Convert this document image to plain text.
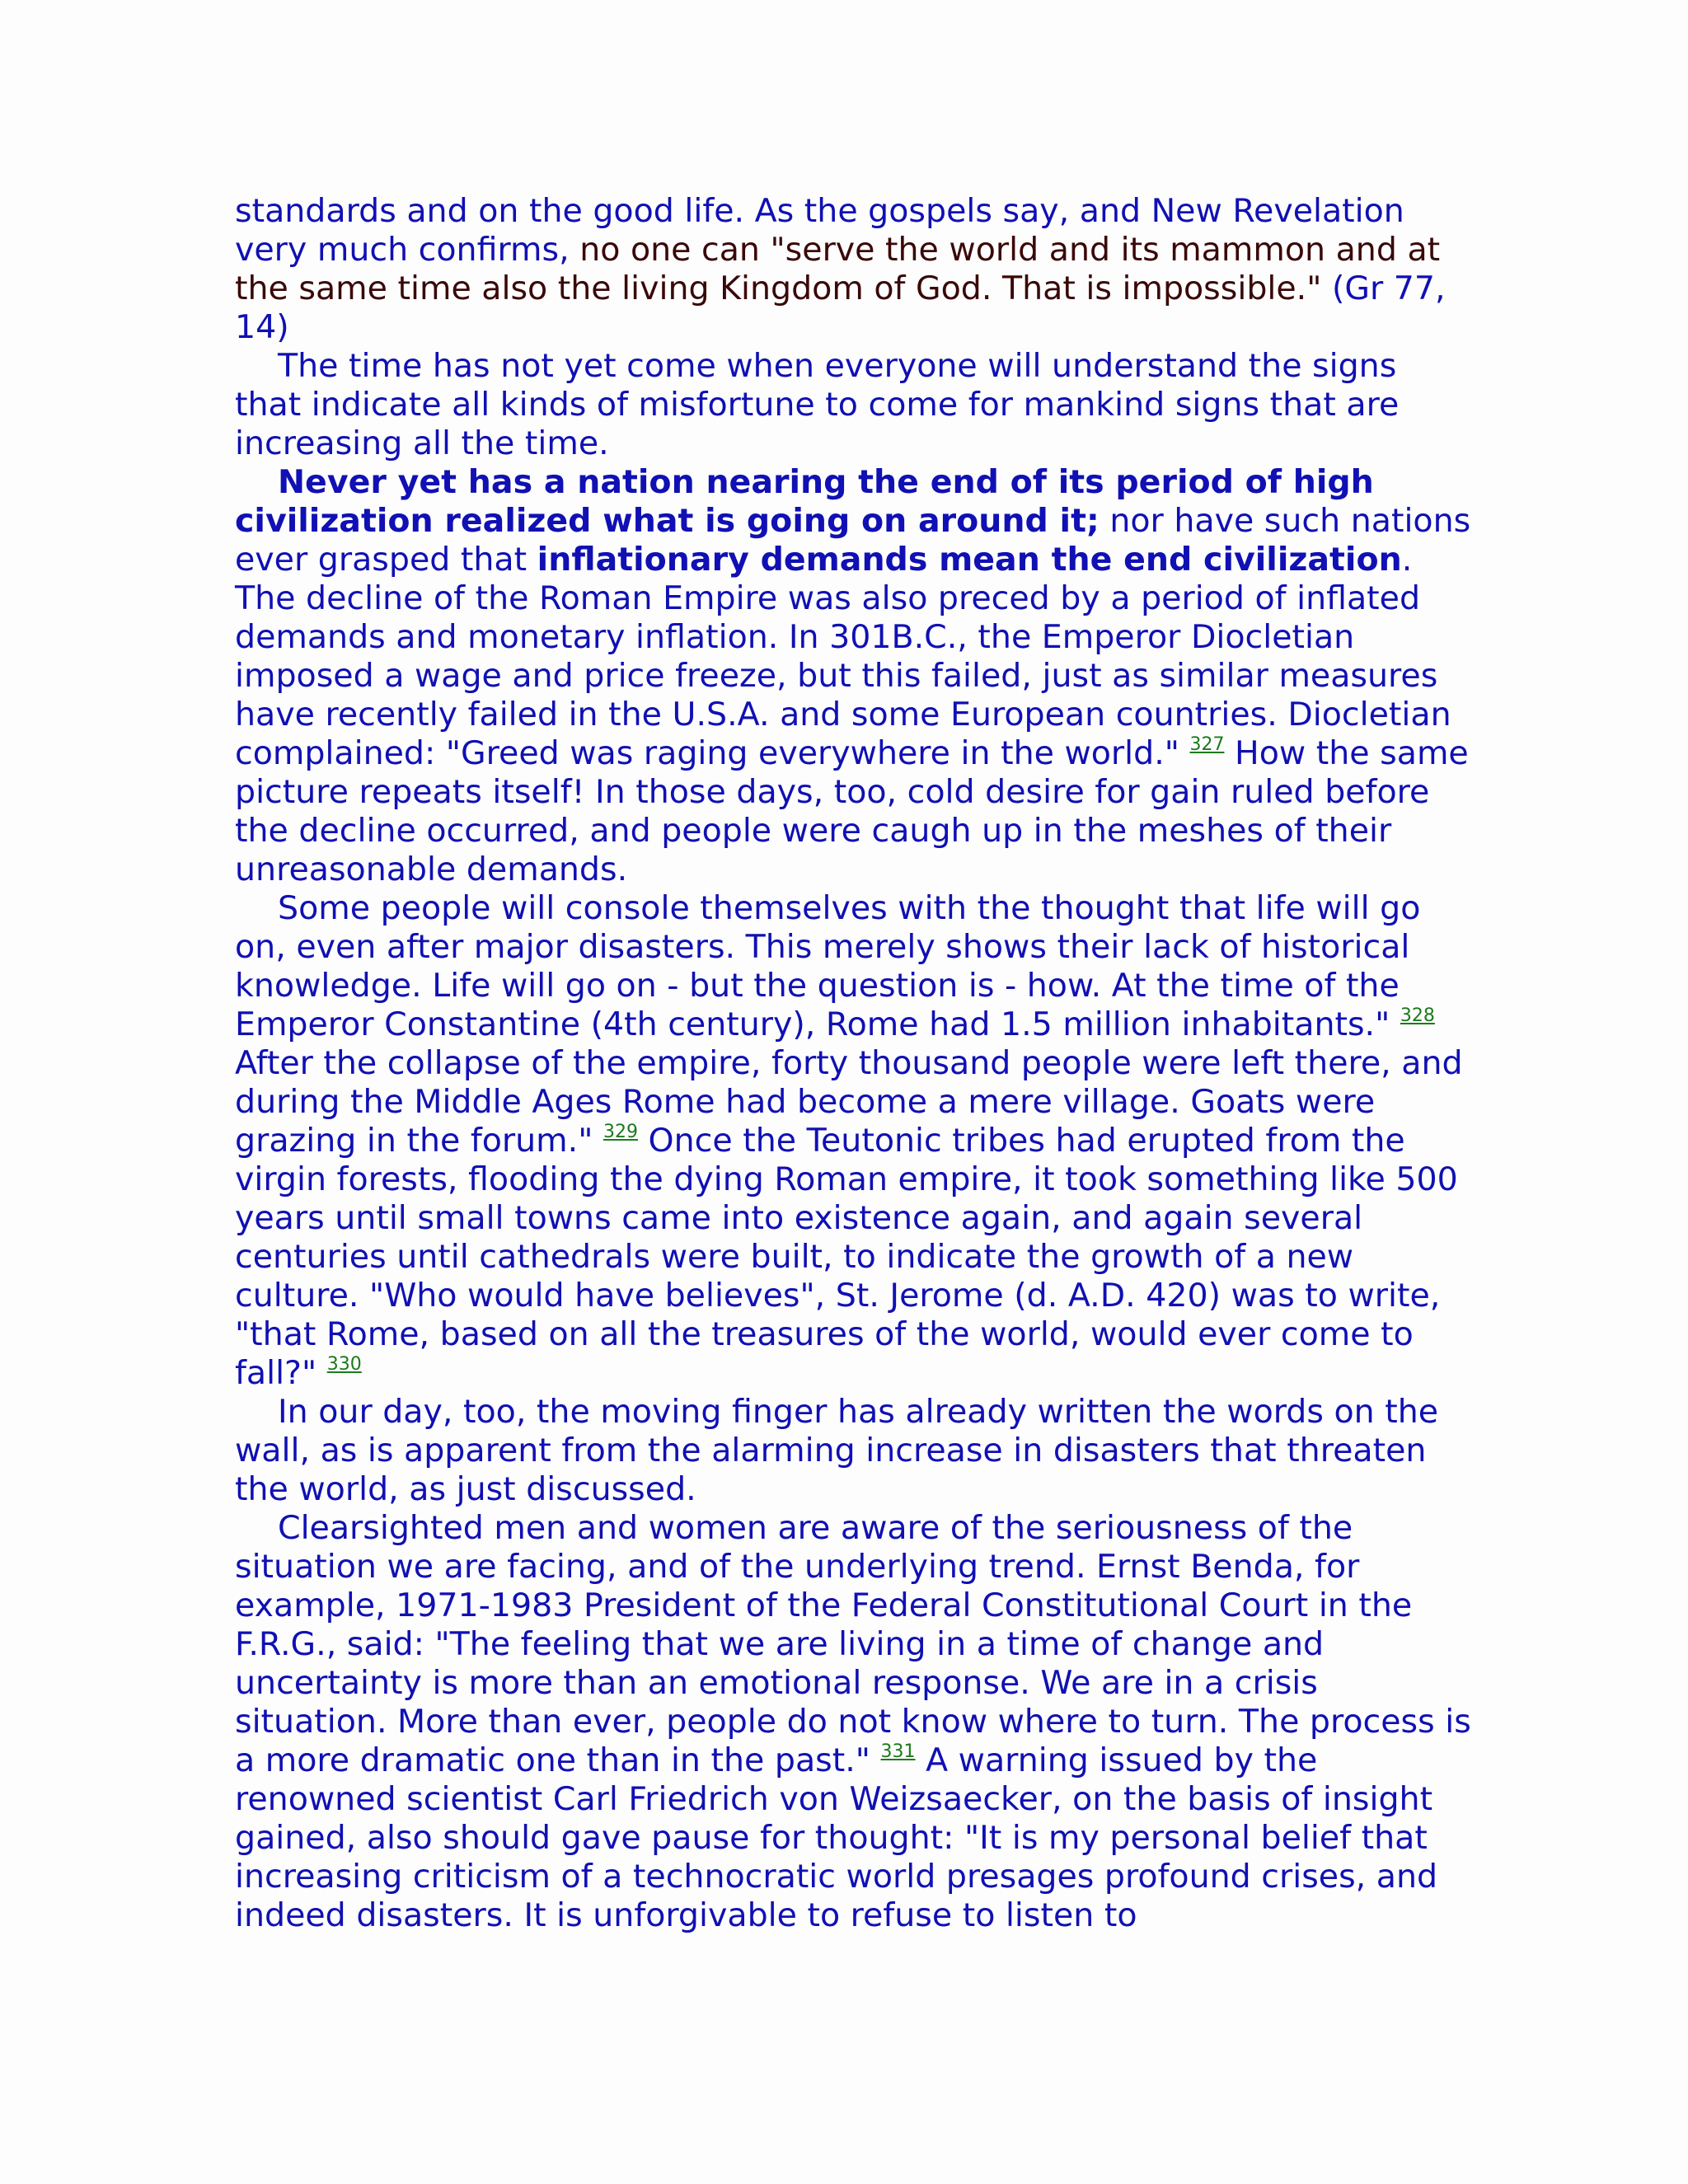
standards and on the good life. As the gospels say, and New Revelation very much confirms, no one can "serve the world and its mammon and at the same time also the living Kingdom of God. That is impossible." (Gr 77, 14)

The time has not yet come when everyone will understand the signs that indicate all kinds of misfortune to come for mankind signs that are increasing all the time.

Never yet has a nation nearing the end of its period of high civilization realized what is going on around it; nor have such nations ever grasped that inflationary demands mean the end civilization. The decline of the Roman Empire was also preced by a period of inflated demands and monetary inflation. In 301B.C., the Emperor Diocletian imposed a wage and price freeze, but this failed, just as similar measures have recently failed in the U.S.A. and some European countries. Diocletian complained: "Greed was raging everywhere in the world." $^{327}$ How the same picture repeats itself! In those days, too, cold desire for gain ruled before the decline occurred, and people were caugh up in the meshes of their unreasonable demands.

Some people will console themselves with the thought that life will go on, even after major disasters. This merely shows their lack of historical knowledge. Life will go on - but the question is - how. At the time of the Emperor Constantine (4th century), Rome had 1.5 million inhabitants." $^{328}$ After the collapse of the empire, forty thousand people were left there, and during the Middle Ages Rome had become a mere village. Goats were grazing in the forum." $^{329}$ Once the Teutonic tribes had erupted from the virgin forests, flooding the dying Roman empire, it took something like 500 years until small towns came into existence again, and again several centuries until cathedrals were built, to indicate the growth of a new culture. "Who would have believes", St. Jerome (d. A.D. 420) was to write, "that Rome, based on all the treasures of the world, would ever come to fall?" $^{330}$

In our day, too, the moving finger has already written the words on the wall, as is apparent from the alarming increase in disasters that threaten the world, as just discussed.

Clearsighted men and women are aware of the seriousness of the situation we are facing, and of the underlying trend. Ernst Benda, for example, 1971-1983 President of the Federal Constitutional Court in the F.R.G., said: "The feeling that we are living in a time of change and uncertainty is more than an emotional response. We are in a crisis situation. More than ever, people do not know where to turn. The process is a more dramatic one than in the past." $^{331}$ A warning issued by the renowned scientist Carl Friedrich von Weizsaecker, on the basis of insight gained, also should gave pause for thought: "It is my personal belief that increasing criticism of a technocratic world presages profound crises, and indeed disasters. It is unforgivable to refuse to listen to
